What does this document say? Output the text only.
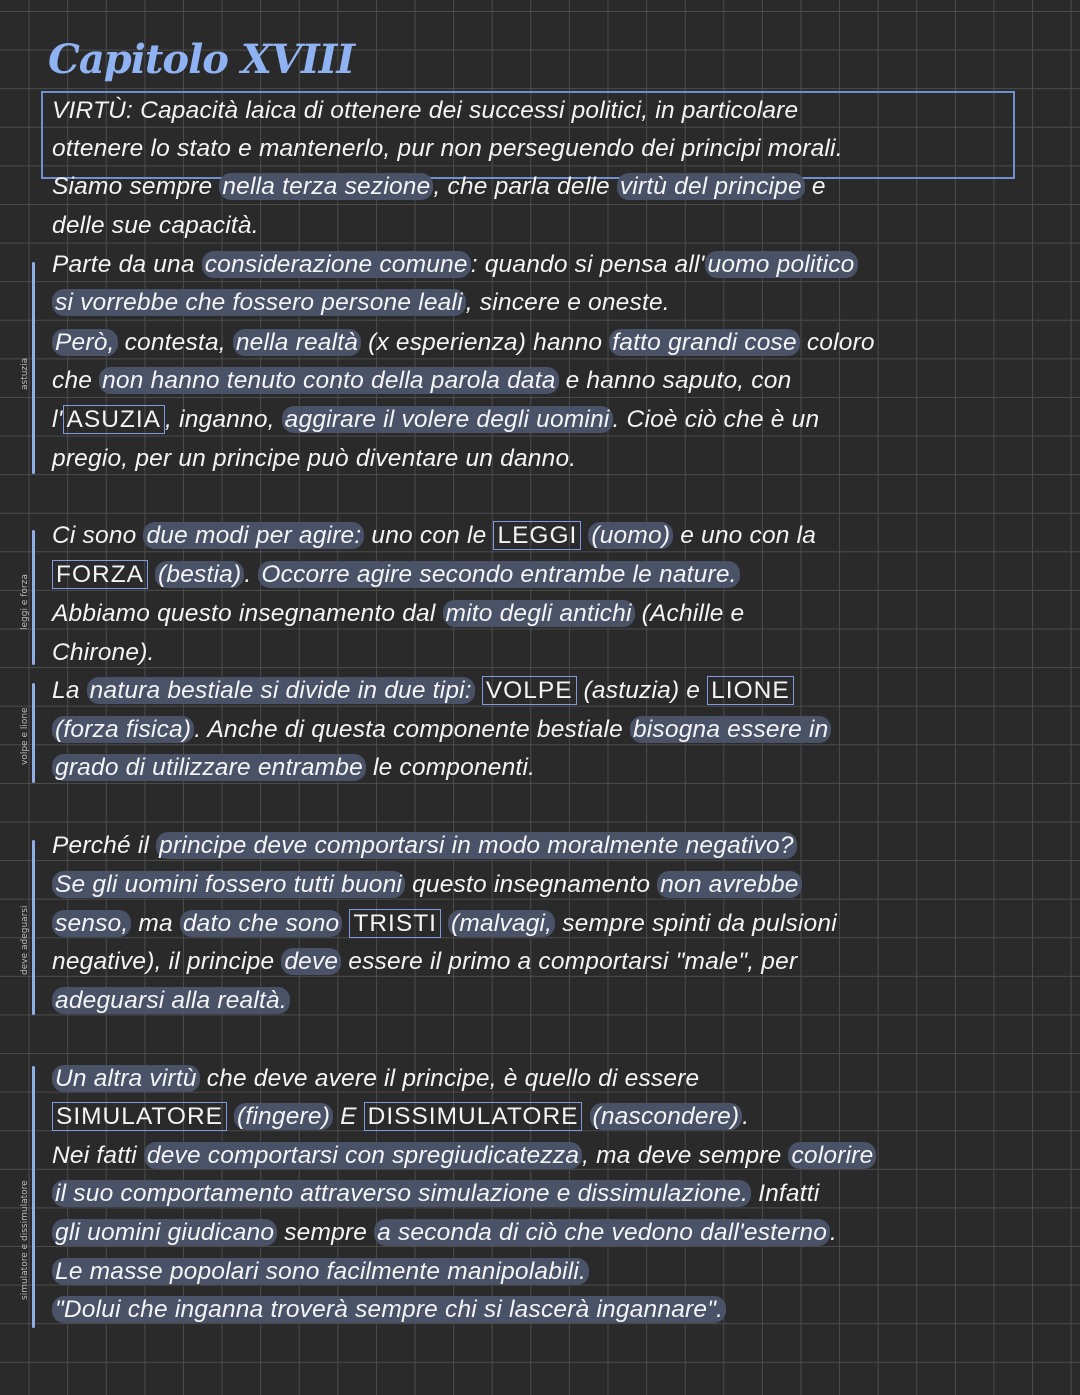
Capitolo XVIII
astuzia
leggi e forza
volpe e lione
deve adeguarsi
simulatore e dissimulatore
VIRTÙ: Capacità laica di ottenere dei successi politici, in particolare
ottenere lo stato e mantenerlo, pur non perseguendo dei principi morali.
Siamo sempre nella terza sezione , che parla delle virtù del principe e
delle sue capacità.
Parte da una considerazione comune : quando si pensa all' uomo politico
si vorrebbe che fossero persone leali , sincere e oneste.
Però, contesta, nella realtà (x esperienza) hanno fatto grandi cose coloro
che non hanno tenuto conto della parola data e hanno saputo, con
l' ASUZIA , inganno, aggirare il volere degli uomini . Cioè ciò che è un
pregio, per un principe può diventare un danno.
Ci sono due modi per agire: uno con le LEGGI (uomo) e uno con la
FORZA (bestia) . Occorre agire secondo entrambe le nature.
Abbiamo questo insegnamento dal mito degli antichi (Achille e
Chirone).
La natura bestiale si divide in due tipi: VOLPE (astuzia) e LIONE
(forza fisica) . Anche di questa componente bestiale bisogna essere in
grado di utilizzare entrambe le componenti.
Perché il principe deve comportarsi in modo moralmente negativo?
Se gli uomini fossero tutti buoni questo insegnamento non avrebbe
senso, ma dato che sono TRISTI (malvagi, sempre spinti da pulsioni
negative), il principe deve essere il primo a comportarsi "male", per
adeguarsi alla realtà.
Un altra virtù che deve avere il principe, è quello di essere
SIMULATORE (fingere) E DISSIMULATORE (nascondere) .
Nei fatti deve comportarsi con spregiudicatezza , ma deve sempre colorire
il suo comportamento attraverso simulazione e dissimulazione. Infatti
gli uomini giudicano sempre a seconda di ciò che vedono dall'esterno .
Le masse popolari sono facilmente manipolabili.
"Dolui che inganna troverà sempre chi si lascerà ingannare".
